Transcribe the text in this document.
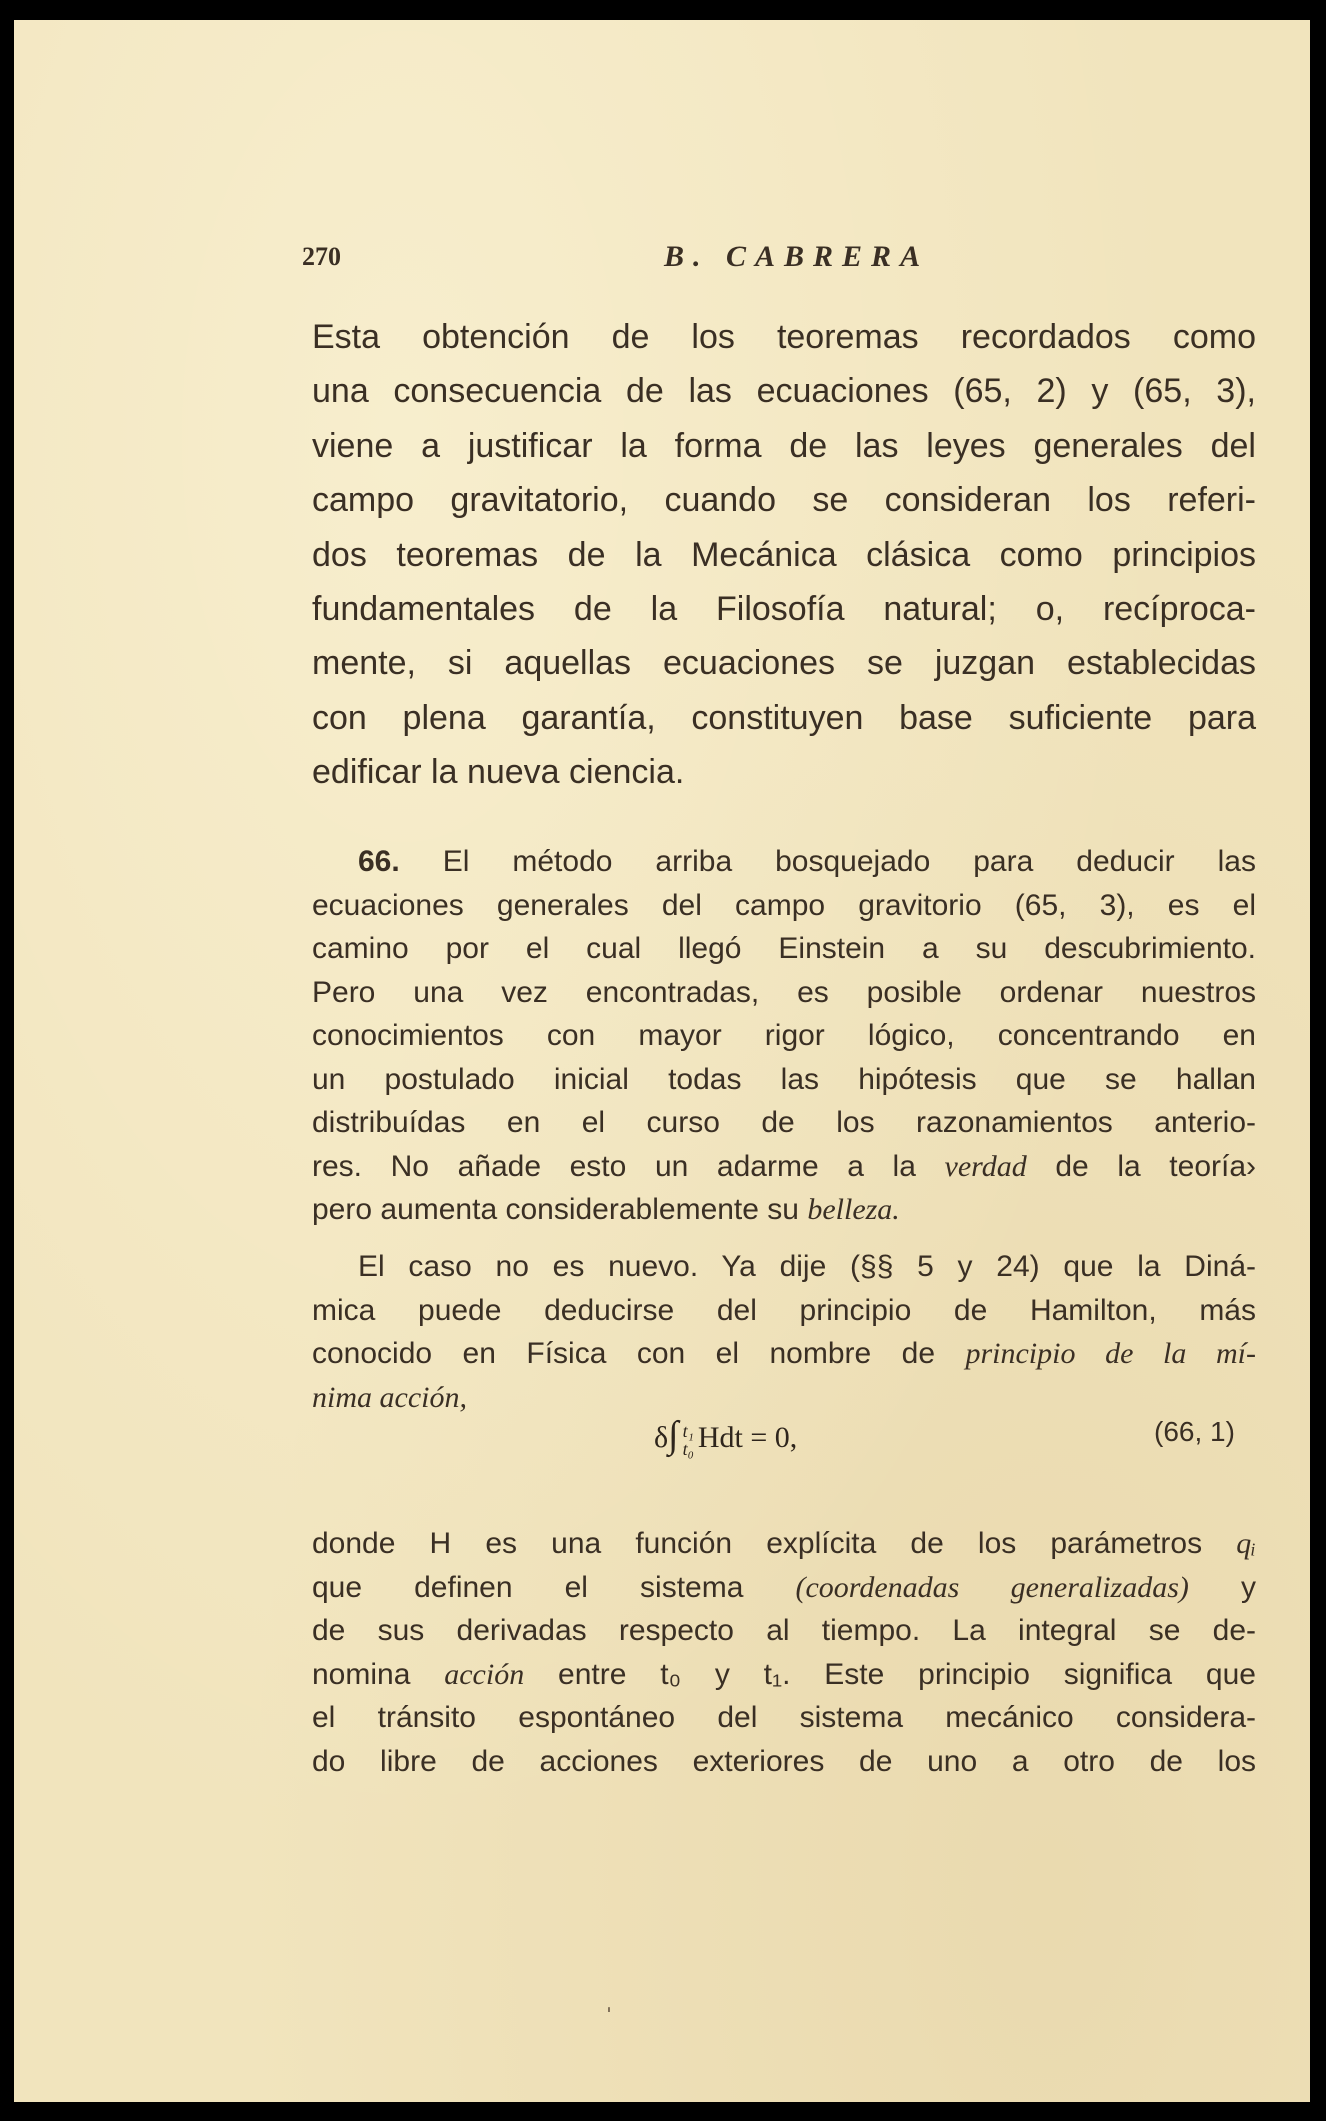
270	B. CABRERA
Esta obtención de los teoremas recordados como
una consecuencia de las ecuaciones (65, 2) y (65, 3),
viene a justificar la forma de las leyes generales del
campo gravitatorio, cuando se consideran los referi-
dos teoremas de la Mecánica clásica como principios
fundamentales de la Filosofía natural; o, recíproca-
mente, si aquellas ecuaciones se juzgan establecidas
con plena garantía, constituyen base suficiente para
edificar la nueva ciencia.
66. El método arriba bosquejado para deducir las
ecuaciones generales del campo gravitorio (65, 3), es el
camino por el cual llegó Einstein a su descubrimiento.
Pero una vez encontradas, es posible ordenar nuestros
conocimientos con mayor rigor lógico, concentrando en
un postulado inicial todas las hipótesis que se hallan
distribuídas en el curso de los razonamientos anterio-
res. No añade esto un adarme a la verdad de la teoría›
pero aumenta considerablemente su belleza.
El caso no es nuevo. Ya dije (§§ 5 y 24) que la Diná-
mica puede deducirse del principio de Hamilton, más
conocido en Física con el nombre de principio de la mí-
nima acción,
δ∫ t₁
t₀ Hdt = 0,	(66, 1)
donde H es una función explícita de los parámetros qᵢ
que definen el sistema (coordenadas generalizadas) y
de sus derivadas respecto al tiempo. La integral se de-
nomina acción entre t₀ y t₁. Este principio significa que
el tránsito espontáneo del sistema mecánico considera-
do libre de acciones exteriores de uno a otro de los
ˌ
